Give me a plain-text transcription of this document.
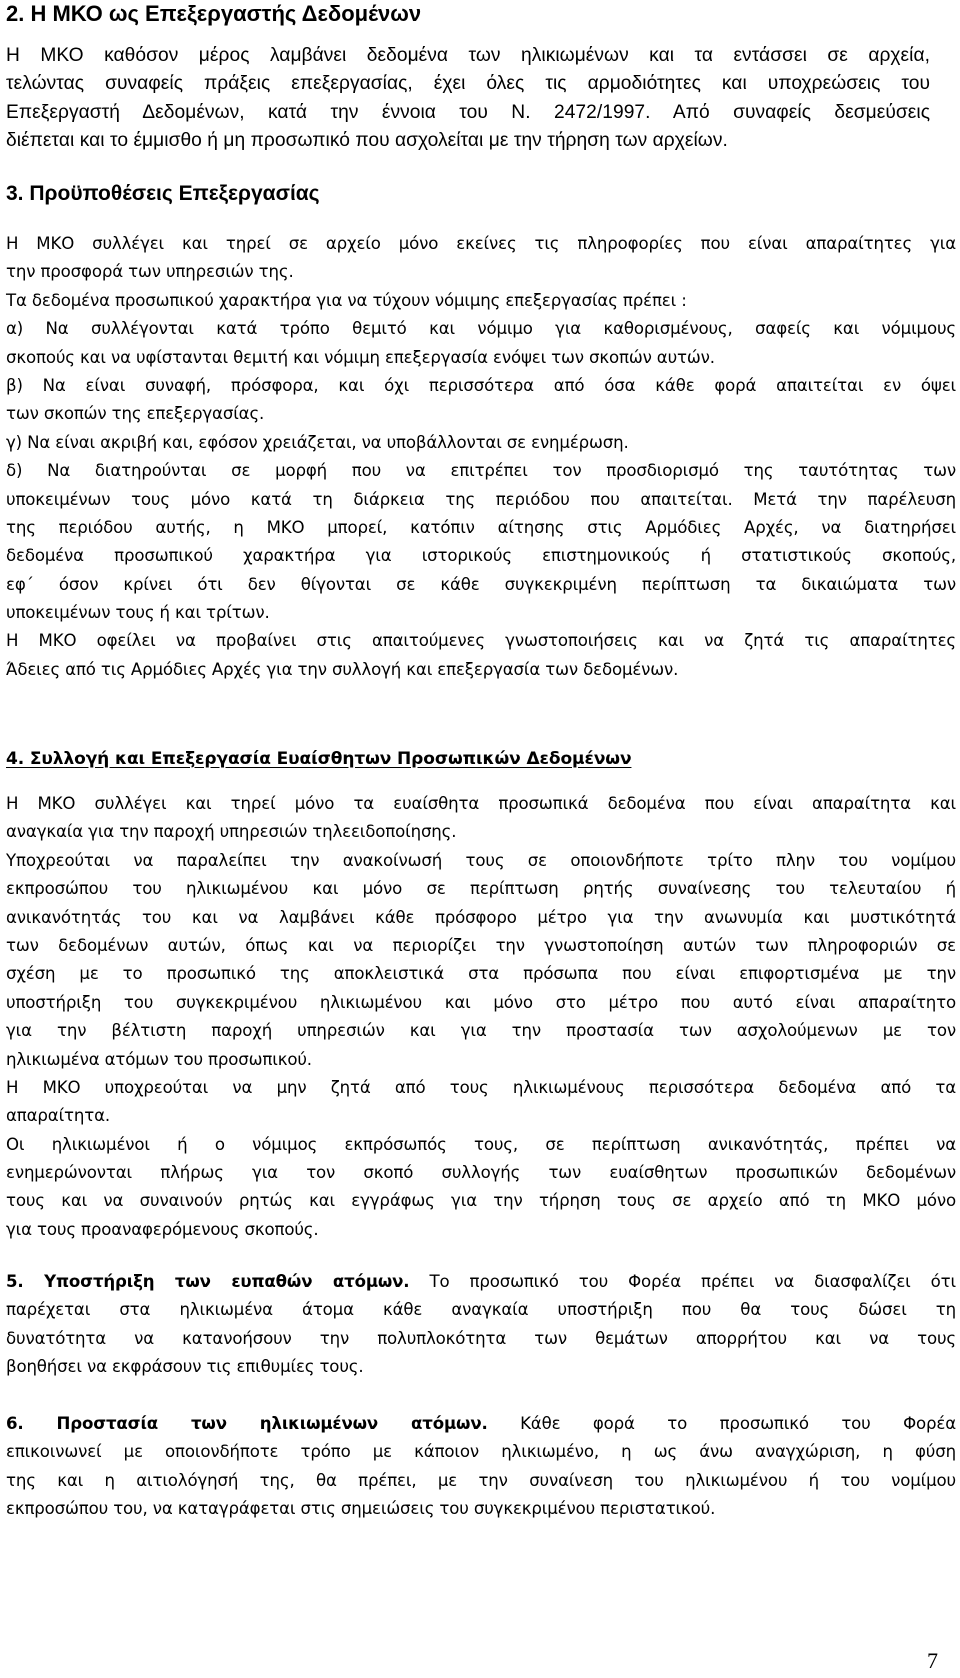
2. Η ΜΚΟ ως Επεξεργαστής Δεδομένων
Η ΜΚΟ καθόσον μέρος λαμβάνει δεδομένα των ηλικιωμένων και τα εντάσσει σε αρχεία,
τελώντας συναφείς πράξεις επεξεργασίας, έχει όλες τις αρμοδιότητες και υποχρεώσεις του
Επεξεργαστή Δεδομένων, κατά την έννοια του Ν. 2472/1997. Από συναφείς δεσμεύσεις
διέπεται και το έμμισθο ή μη προσωπικό που ασχολείται με την τήρηση των αρχείων.
3. Προϋποθέσεις Επεξεργασίας
Η ΜΚΟ συλλέγει και τηρεί σε αρχείο μόνο εκείνες τις πληροφορίες που είναι απαραίτητες για
την προσφορά των υπηρεσιών της.
Τα δεδομένα προσωπικού χαρακτήρα για να τύχουν νόμιμης επεξεργασίας πρέπει :
α) Να συλλέγονται κατά τρόπο θεμιτό και νόμιμο για καθορισμένους, σαφείς και νόμιμους
σκοπούς και να υφίστανται θεμιτή και νόμιμη επεξεργασία ενόψει των σκοπών αυτών.
β) Να είναι συναφή, πρόσφορα, και όχι περισσότερα από όσα κάθε φορά απαιτείται εν όψει
των σκοπών της επεξεργασίας.
γ) Να είναι ακριβή και, εφόσον χρειάζεται, να υποβάλλονται σε ενημέρωση.
δ) Να διατηρούνται σε μορφή που να επιτρέπει τον προσδιορισμό της ταυτότητας των
υποκειμένων τους μόνο κατά τη διάρκεια της περιόδου που απαιτείται. Μετά την παρέλευση
της περιόδου αυτής, η ΜΚΟ μπορεί, κατόπιν αίτησης στις Αρμόδιες Αρχές, να διατηρήσει
δεδομένα προσωπικού χαρακτήρα για ιστορικούς επιστημονικούς ή στατιστικούς σκοπούς,
εφ΄ όσον κρίνει ότι δεν θίγονται σε κάθε συγκεκριμένη περίπτωση τα δικαιώματα των
υποκειμένων τους ή και τρίτων.
Η ΜΚΟ οφείλει να προβαίνει στις απαιτούμενες γνωστοποιήσεις και να ζητά τις απαραίτητες
Άδειες από τις Αρμόδιες Αρχές για την συλλογή και επεξεργασία των δεδομένων.
4. Συλλογή και Επεξεργασία Ευαίσθητων Προσωπικών Δεδομένων
Η ΜΚΟ συλλέγει και τηρεί μόνο τα ευαίσθητα προσωπικά δεδομένα που είναι απαραίτητα και
αναγκαία για την παροχή υπηρεσιών τηλεειδοποίησης.
Υποχρεούται να παραλείπει την ανακοίνωσή τους σε οποιονδήποτε τρίτο πλην του νομίμου
εκπροσώπου του ηλικιωμένου και μόνο σε περίπτωση ρητής συναίνεσης του τελευταίου ή
ανικανότητάς του και να λαμβάνει κάθε πρόσφορο μέτρο για την ανωνυμία και μυστικότητά
των δεδομένων αυτών, όπως και να περιορίζει την γνωστοποίηση αυτών των πληροφοριών σε
σχέση με το προσωπικό της αποκλειστικά στα πρόσωπα που είναι επιφορτισμένα με την
υποστήριξη του συγκεκριμένου ηλικιωμένου και μόνο στο μέτρο που αυτό είναι απαραίτητο
για την βέλτιστη παροχή υπηρεσιών και για την προστασία των ασχολούμενων με τον
ηλικιωμένα ατόμων του προσωπικού.
Η ΜΚΟ υποχρεούται να μην ζητά από τους ηλικιωμένους περισσότερα δεδομένα από τα
απαραίτητα.
Οι ηλικιωμένοι ή ο νόμιμος εκπρόσωπός τους, σε περίπτωση ανικανότητάς, πρέπει να
ενημερώνονται πλήρως για τον σκοπό συλλογής των ευαίσθητων προσωπικών δεδομένων
τους και να συναινούν ρητώς και εγγράφως για την τήρηση τους σε αρχείο από τη ΜΚΟ μόνο
για τους προαναφερόμενους σκοπούς.
5. Υποστήριξη των ευπαθών ατόμων. Το προσωπικό του Φορέα πρέπει να διασφαλίζει ότι
παρέχεται στα ηλικιωμένα άτομα κάθε αναγκαία υποστήριξη που θα τους δώσει τη
δυνατότητα να κατανοήσουν την πολυπλοκότητα των θεμάτων απορρήτου και να τους
βοηθήσει να εκφράσουν τις επιθυμίες τους.
6. Προστασία των ηλικιωμένων ατόμων. Κάθε φορά το προσωπικό του Φορέα
επικοινωνεί με οποιονδήποτε τρόπο με κάποιον ηλικιωμένο, η ως άνω αναγχώριση, η φύση
της και η αιτιολόγησή της, θα πρέπει, με την συναίνεση του ηλικιωμένου ή του νομίμου
εκπροσώπου του, να καταγράφεται στις σημειώσεις του συγκεκριμένου περιστατικού.
7
